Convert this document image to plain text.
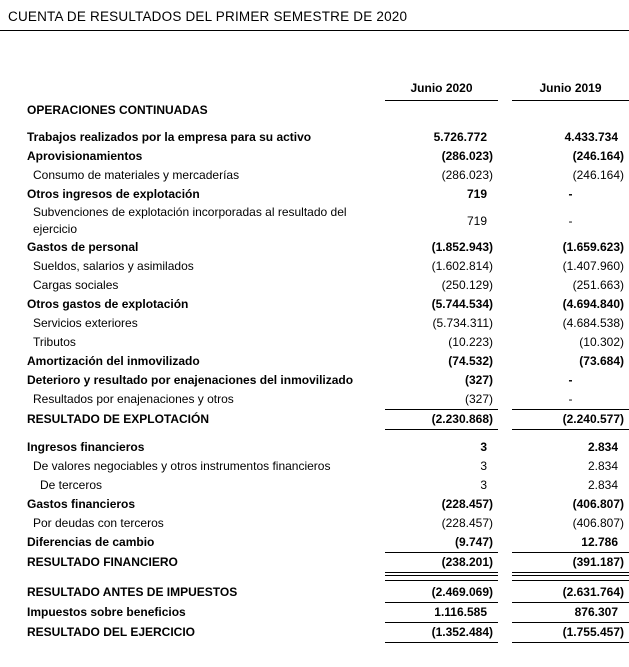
CUENTA DE RESULTADOS DEL PRIMER SEMESTRE DE 2020
	Junio 2020		Junio 2019
OPERACIONES CONTINUADAS			

Trabajos realizados por la empresa para su activo	5.726.772		4.433.734
Aprovisionamientos	(286.023)		(246.164)
Consumo de materiales y mercaderías	(286.023)		(246.164)
Otros ingresos de explotación	719		-
Subvenciones de explotación incorporadas al resultado del ejercicio	719		-
Gastos de personal	(1.852.943)		(1.659.623)
Sueldos, salarios y asimilados	(1.602.814)		(1.407.960)
Cargas sociales	(250.129)		(251.663)
Otros gastos de explotación	(5.744.534)		(4.694.840)
Servicios exteriores	(5.734.311)		(4.684.538)
Tributos	(10.223)		(10.302)
Amortización del inmovilizado	(74.532)		(73.684)
Deterioro y resultado por enajenaciones del inmovilizado	(327)		-
Resultados por enajenaciones y otros	(327)		-
RESULTADO DE EXPLOTACIÓN	(2.230.868)		(2.240.577)

Ingresos financieros	3		2.834
De valores negociables y otros instrumentos financieros	3		2.834
De terceros	3		2.834
Gastos financieros	(228.457)		(406.807)
Por deudas con terceros	(228.457)		(406.807)
Diferencias de cambio	(9.747)		12.786
RESULTADO FINANCIERO	(238.201)		(391.187)

RESULTADO ANTES DE IMPUESTOS	(2.469.069)		(2.631.764)
Impuestos sobre beneficios	1.116.585		876.307
RESULTADO DEL EJERCICIO	(1.352.484)		(1.755.457)
